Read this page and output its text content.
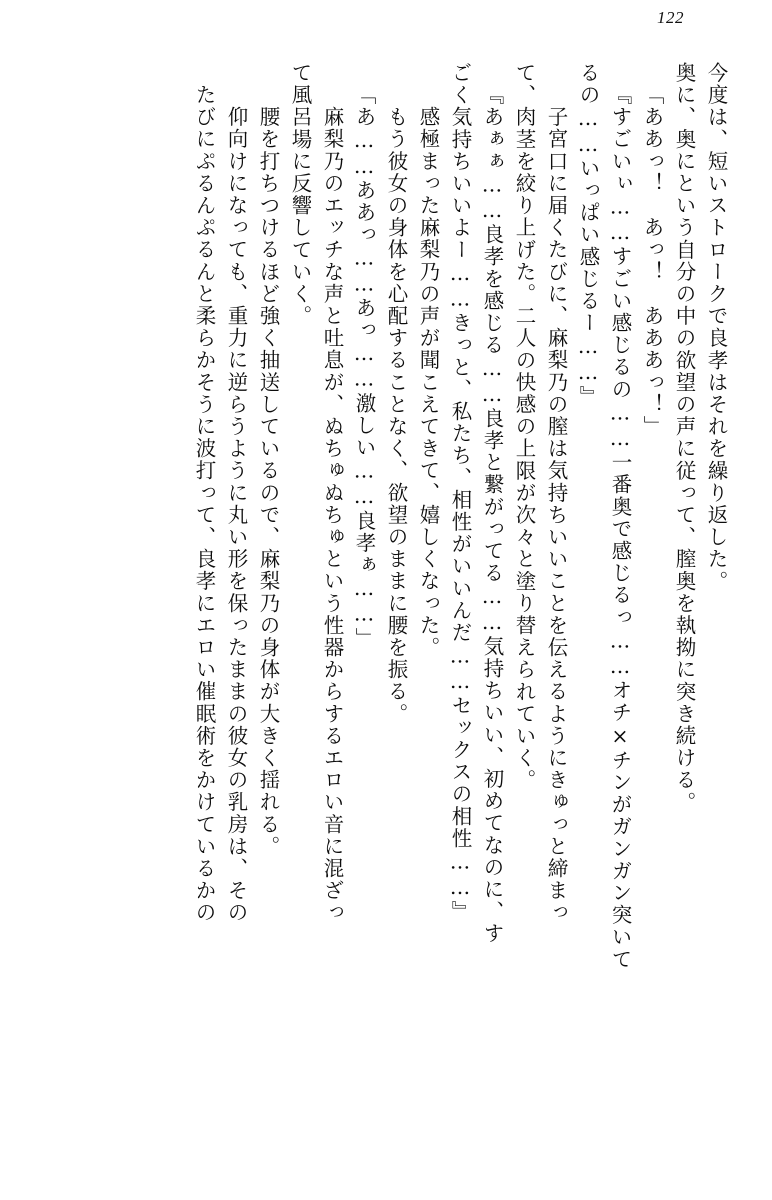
122
今度は、短いストロークで良孝はそれを繰り返した。
奥に、奥にという自分の中の欲望の声に従って、膣奥を執拗に突き続ける。
「ああっ！　あっ！　あああっ！」
『すごいぃ……すごい感じるの……一番奥で感じるっ……オチ×チンがガンガン突いて
るの……いっぱい感じるー……』
　子宮口に届くたびに、麻梨乃の膣は気持ちいいことを伝えるようにきゅっと締まっ
て、肉茎を絞り上げた。二人の快感の上限が次々と塗り替えられていく。
『あぁぁ……良孝を感じる……良孝と繋がってる……気持ちいい、初めてなのに、す
ごく気持ちいいよー……きっと、私たち、相性がいいんだ……セックスの相性……』
　感極まった麻梨乃の声が聞こえてきて、嬉しくなった。
　もう彼女の身体を心配することなく、欲望のままに腰を振る。
「あ……ああっ……あっ……激しい……良孝ぁ……」
　麻梨乃のエッチな声と吐息が、ぬちゅぬちゅという性器からするエロい音に混ざっ
て風呂場に反響していく。
　腰を打ちつけるほど強く抽送しているので、麻梨乃の身体が大きく揺れる。
　仰向けになっても、重力に逆らうように丸い形を保ったままの彼女の乳房は、その
たびにぷるんぷるんと柔らかそうに波打って、良孝にエロい催眠術をかけているかの
